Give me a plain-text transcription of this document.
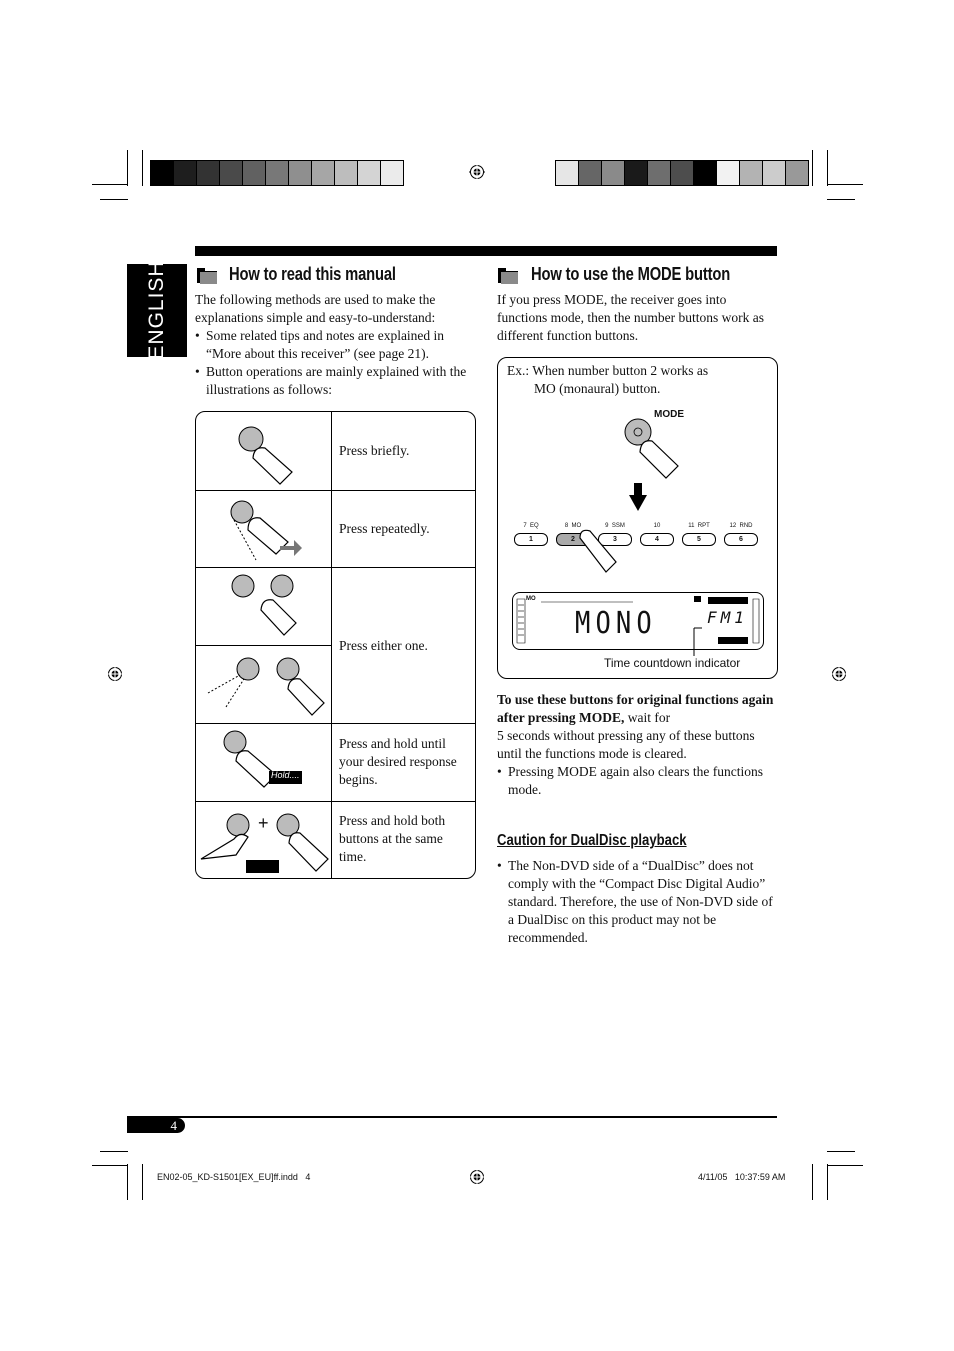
ENGLISH	How to read this manual

The following methods are used to make the explanations simple and easy-to-understand:

• Some related tips and notes are explained in “More about this receiver” (see page 21).

• Button operations are mainly explained with the illustrations as follows:

Press briefly.
Press repeatedly.
Press either one.
Hold....
Press and hold until your desired response begins.
+
Hold....
Press and hold both buttons at the same time.
How to use the MODE button
If you press MODE, the receiver goes into functions mode, then the number buttons work as different function buttons.
Ex.: When number button 2 works as
MO (monaural) button.
MODE
7  EQ
1
8  MO
2
9  SSM
3
10
4
11  RPT
5
12  RND
6
MO
MONO	FM1
Time countdown indicator

To use these buttons for original functions again after pressing MODE, wait for
5 seconds without pressing any of these buttons until the functions mode is cleared.

• Pressing MODE again also clears the functions mode.

Caution for DualDisc playback

• The Non-DVD side of a “DualDisc” does not comply with the “Compact Disc Digital Audio” standard. Therefore, the use of Non-DVD side of a DualDisc on this product may not be recommended.

4
EN02-05_KD-S1501[EX_EU]ff.indd   4	4/11/05   10:37:59 AM
